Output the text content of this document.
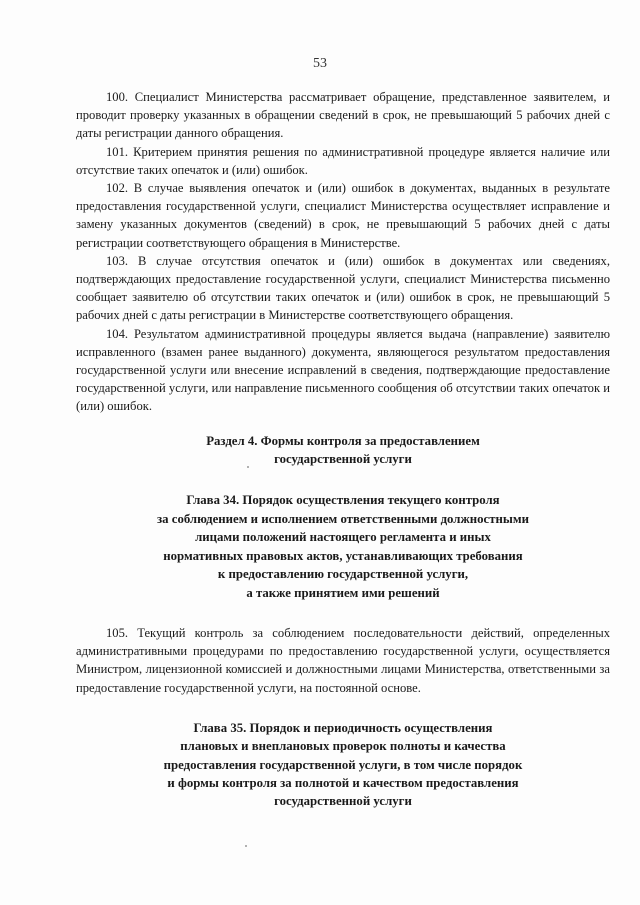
53

100. Специалист Министерства рассматривает обращение, представленное заявителем, и проводит проверку указанных в обращении сведений в срок, не превышающий 5 рабочих дней с даты регистрации данного обращения.

101. Критерием принятия решения по административной процедуре является наличие или отсутствие таких опечаток и (или) ошибок.

102. В случае выявления опечаток и (или) ошибок в документах, выданных в результате предоставления государственной услуги, специалист Министерства осуществляет исправление и замену указанных документов (сведений) в срок, не превышающий 5 рабочих дней с даты регистрации соответствующего обращения в Министерстве.

103. В случае отсутствия опечаток и (или) ошибок в документах или сведениях, подтверждающих предоставление государственной услуги, специалист Министерства письменно сообщает заявителю об отсутствии таких опечаток и (или) ошибок в срок, не превышающий 5 рабочих дней с даты регистрации в Министерстве соответствующего обращения.

104. Результатом административной процедуры является выдача (направление) заявителю исправленного (взамен ранее выданного) документа, являющегося результатом предоставления государственной услуги или внесение исправлений в сведения, подтверждающие предоставление государственной услуги, или направление письменного сообщения об отсутствии таких опечаток и (или) ошибок.

Раздел 4. Формы контроля за предоставлением
государственной услуги
Глава 34. Порядок осуществления текущего контроля
за соблюдением и исполнением ответственными должностными
лицами положений настоящего регламента и иных
нормативных правовых актов, устанавливающих требования
к предоставлению государственной услуги,
а также принятием ими решений

105. Текущий контроль за соблюдением последовательности действий, определенных административными процедурами по предоставлению государственной услуги, осуществляется Министром, лицензионной комиссией и должностными лицами Министерства, ответственными за предоставление государственной услуги, на постоянной основе.

Глава 35. Порядок и периодичность осуществления
плановых и внеплановых проверок полноты и качества
предоставления государственной услуги, в том числе порядок
и формы контроля за полнотой и качеством предоставления
государственной услуги
